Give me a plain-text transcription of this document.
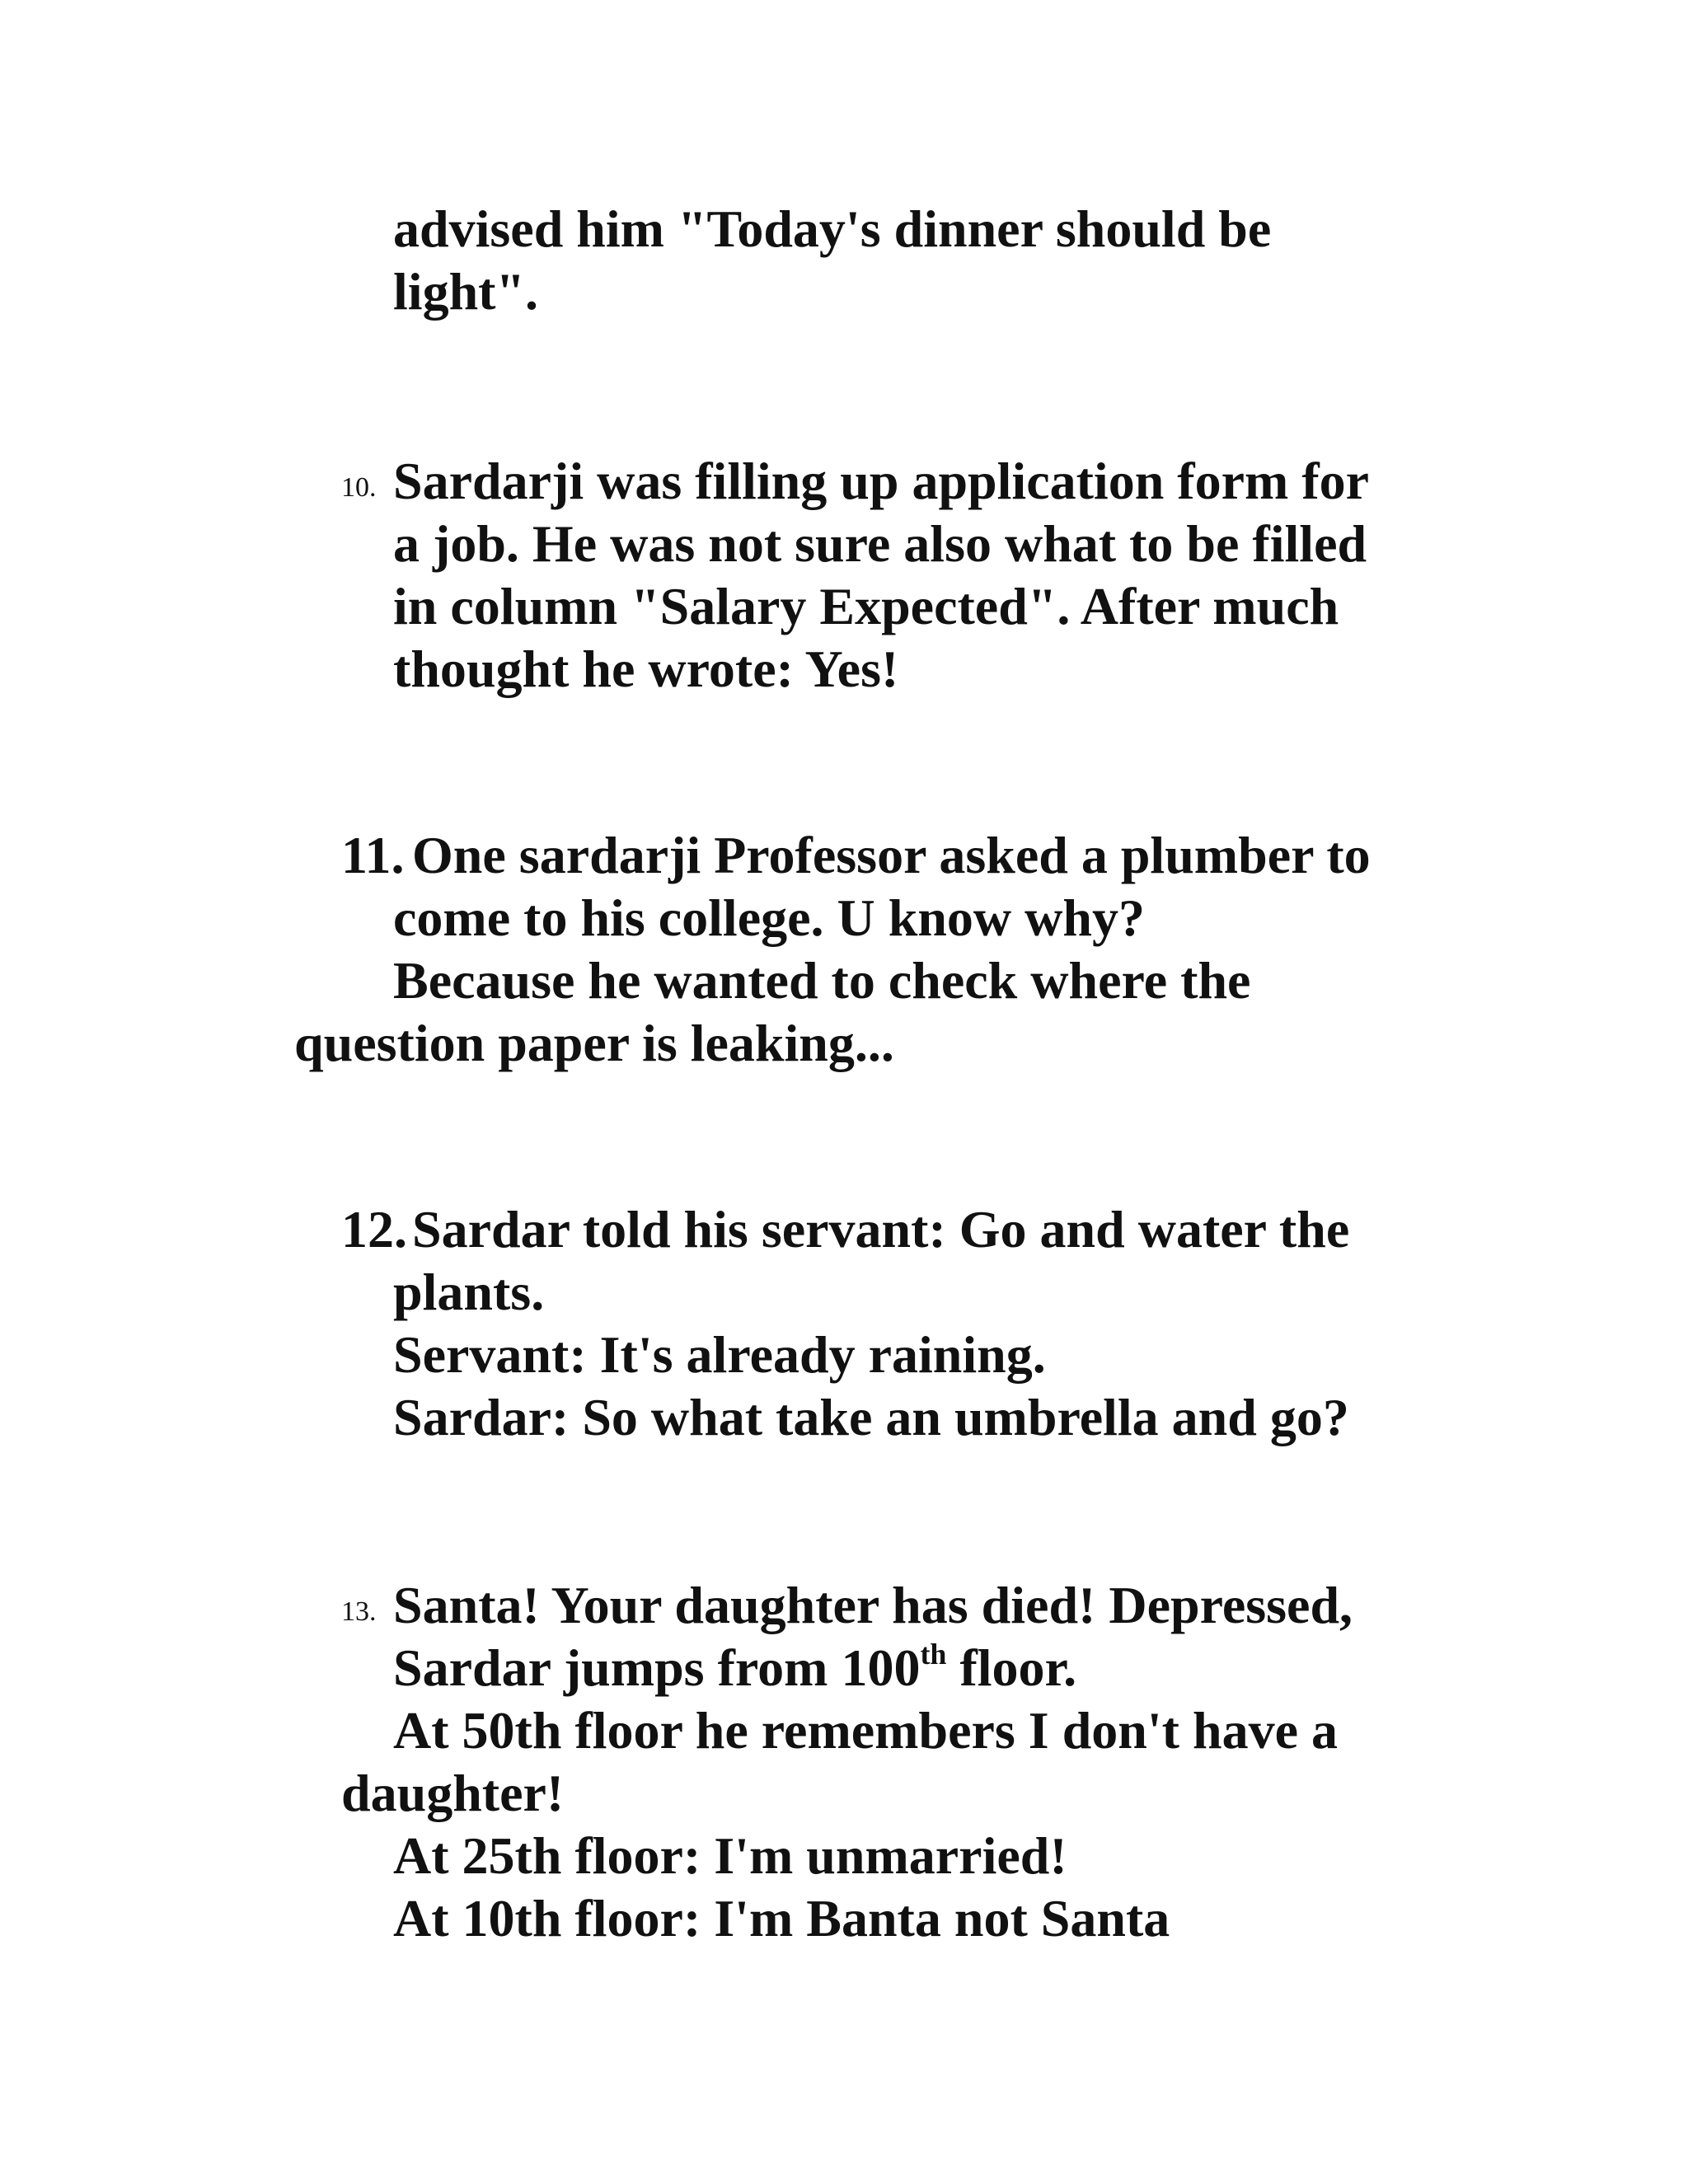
advised him "Today's dinner should be
light".
10. Sardarji was filling up application form for
a job. He was not sure also what to be filled
in column "Salary Expected". After much
thought he wrote: Yes!
11. One sardarji Professor asked a plumber to
come to his college. U know why?
Because he wanted to check where the
question paper is leaking...
12. Sardar told his servant: Go and water the
plants.
Servant: It's already raining.
Sardar: So what take an umbrella and go?
13. Santa! Your daughter has died! Depressed,
Sardar jumps from 100th floor.
At 50th floor he remembers I don't have a
daughter!
At 25th floor: I'm unmarried!
At 10th floor: I'm Banta not Santa
